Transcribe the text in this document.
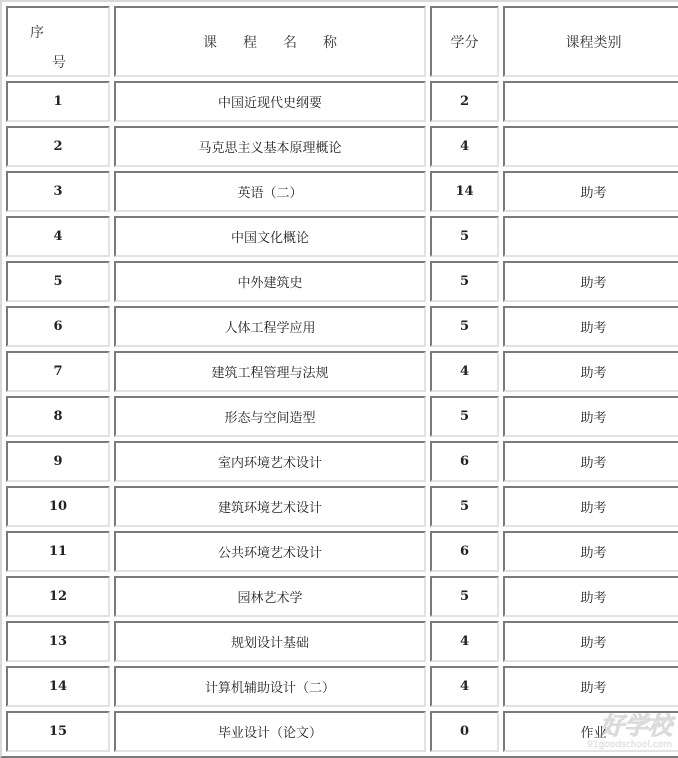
序
号	课程名称	学分	课程类别
1	中国近现代史纲要	2	
2	马克思主义基本原理概论	4	
3	英语（二）	14	助考
4	中国文化概论	5	
5	中外建筑史	5	助考
6	人体工程学应用	5	助考
7	建筑工程管理与法规	4	助考
8	形态与空间造型	5	助考
9	室内环境艺术设计	6	助考
10	建筑环境艺术设计	5	助考
11	公共环境艺术设计	6	助考
12	园林艺术学	5	助考
13	规划设计基础	4	助考
14	计算机辅助设计（二）	4	助考
15	毕业设计（论文）	0	作业
好学校
91goodschool.com
